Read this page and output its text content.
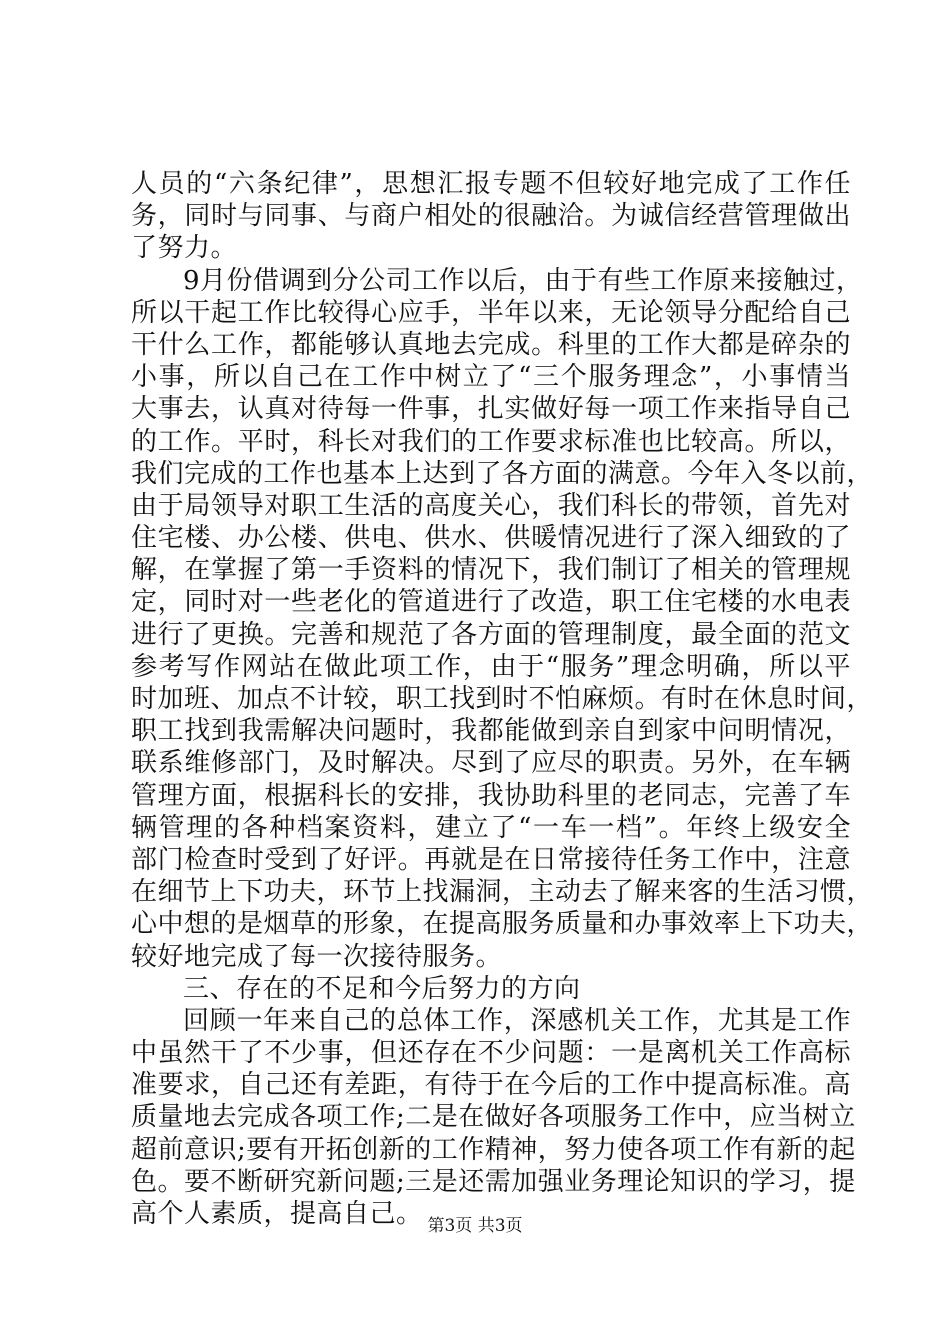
人员的“六条纪律”，思想汇报专题不但较好地完成了工作任
务，同时与同事、与商户相处的很融洽。为诚信经营管理做出
了努力。
9月份借调到分公司工作以后，由于有些工作原来接触过，
所以干起工作比较得心应手，半年以来，无论领导分配给自己
干什么工作，都能够认真地去完成。科里的工作大都是碎杂的
小事，所以自己在工作中树立了“三个服务理念”，小事情当
大事去，认真对待每一件事，扎实做好每一项工作来指导自己
的工作。平时，科长对我们的工作要求标准也比较高。所以，
我们完成的工作也基本上达到了各方面的满意。今年入冬以前，
由于局领导对职工生活的高度关心，我们科长的带领，首先对
住宅楼、办公楼、供电、供水、供暖情况进行了深入细致的了
解，在掌握了第一手资料的情况下，我们制订了相关的管理规
定，同时对一些老化的管道进行了改造，职工住宅楼的水电表
进行了更换。完善和规范了各方面的管理制度，最全面的范文
参考写作网站在做此项工作，由于“服务”理念明确，所以平
时加班、加点不计较，职工找到时不怕麻烦。有时在休息时间，
职工找到我需解决问题时，我都能做到亲自到家中问明情况，
联系维修部门，及时解决。尽到了应尽的职责。另外，在车辆
管理方面，根据科长的安排，我协助科里的老同志，完善了车
辆管理的各种档案资料，建立了“一车一档”。年终上级安全
部门检查时受到了好评。再就是在日常接待任务工作中，注意
在细节上下功夫，环节上找漏洞，主动去了解来客的生活习惯，
心中想的是烟草的形象，在提高服务质量和办事效率上下功夫，
较好地完成了每一次接待服务。
三、存在的不足和今后努力的方向
回顾一年来自己的总体工作，深感机关工作，尤其是工作
中虽然干了不少事，但还存在不少问题：一是离机关工作高标
准要求，自己还有差距，有待于在今后的工作中提高标准。高
质量地去完成各项工作;二是在做好各项服务工作中，应当树立
超前意识;要有开拓创新的工作精神，努力使各项工作有新的起
色。要不断研究新问题;三是还需加强业务理论知识的学习，提
高个人素质，提高自己。 第3页 共3页
